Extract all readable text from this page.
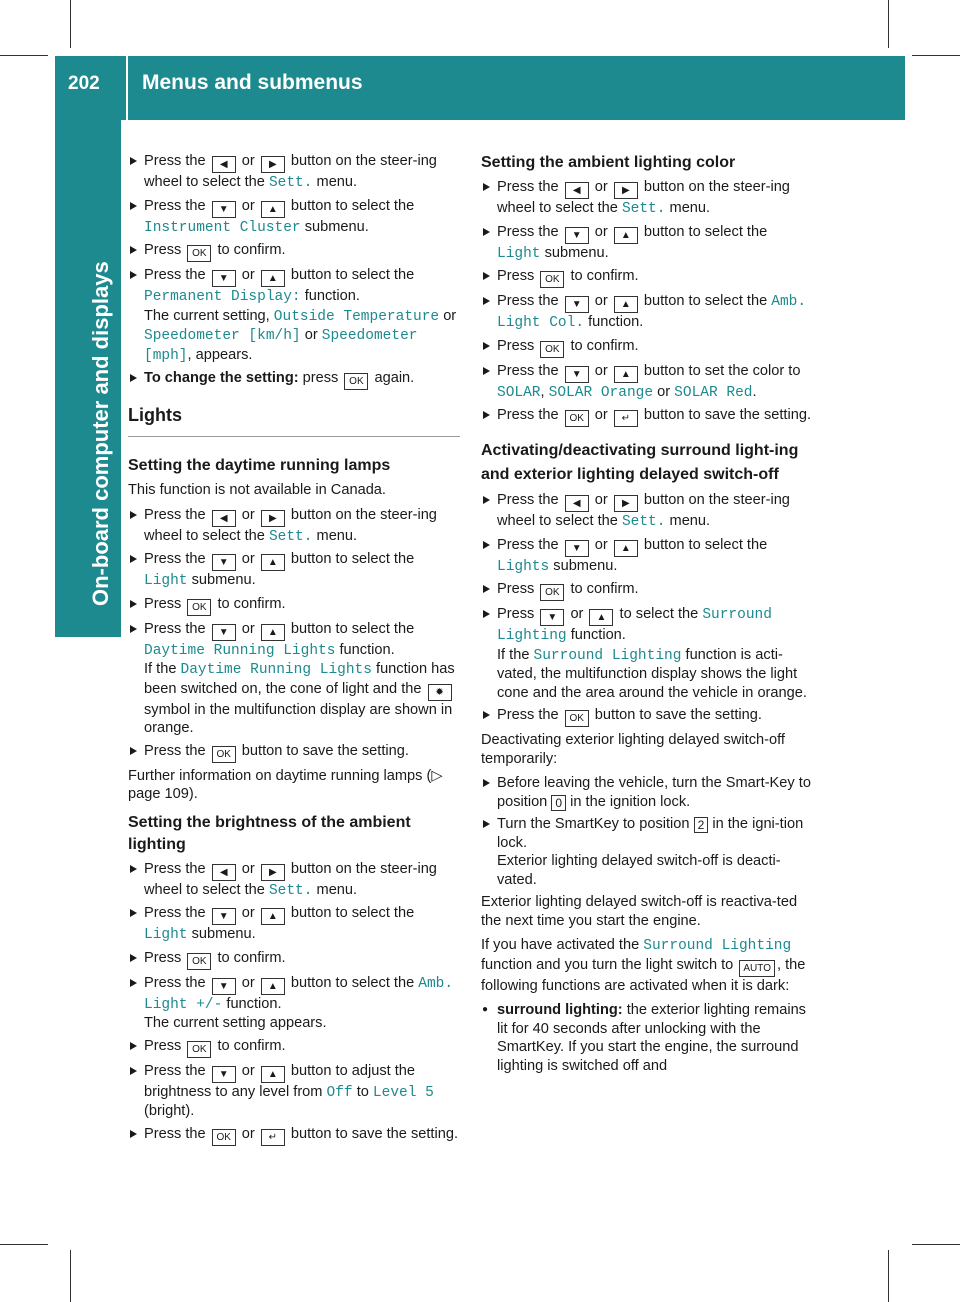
202	Menus and submenus
On-board computer and displays
Press the ◀ or ▶ button on the steer-ing wheel to select the Sett. menu.
Press the ▼ or ▲ button to select the Instrument Cluster submenu.
Press OK to confirm.
Press the ▼ or ▲ button to select the Permanent Display: function.
The current setting, Outside Temperature or Speedometer [km/h] or Speedometer [mph], appears.
To change the setting: press OK again.
Lights
Setting the daytime running lamps
This function is not available in Canada.
Press the ◀ or ▶ button on the steer-ing wheel to select the Sett. menu.
Press the ▼ or ▲ button to select the Light submenu.
Press OK to confirm.
Press the ▼ or ▲ button to select the Daytime Running Lights function.
If the Daytime Running Lights function has been switched on, the cone of light and the ✹ symbol in the multifunction display are shown in orange.
Press the OK button to save the setting.
Further information on daytime running lamps (▷ page 109).
Setting the brightness of the ambient lighting
Press the ◀ or ▶ button on the steer-ing wheel to select the Sett. menu.
Press the ▼ or ▲ button to select the Light submenu.
Press OK to confirm.
Press the ▼ or ▲ button to select the Amb. Light +/- function.
The current setting appears.
Press OK to confirm.
Press the ▼ or ▲ button to adjust the brightness to any level from Off to Level 5 (bright).
Press the OK or ↵ button to save the setting.
Setting the ambient lighting color
Press the ◀ or ▶ button on the steer-ing wheel to select the Sett. menu.
Press the ▼ or ▲ button to select the Light submenu.
Press OK to confirm.
Press the ▼ or ▲ button to select the Amb. Light Col. function.
Press OK to confirm.
Press the ▼ or ▲ button to set the color to SOLAR, SOLAR Orange or SOLAR Red.
Press the OK or ↵ button to save the setting.
Activating/deactivating surround light-ing and exterior lighting delayed switch-off
Press the ◀ or ▶ button on the steer-ing wheel to select the Sett. menu.
Press the ▼ or ▲ button to select the Lights submenu.
Press OK to confirm.
Press ▼ or ▲ to select the Surround Lighting function.
If the Surround Lighting function is acti-vated, the multifunction display shows the light cone and the area around the vehicle in orange.
Press the OK button to save the setting.
Deactivating exterior lighting delayed switch-off temporarily:
Before leaving the vehicle, turn the Smart-Key to position 0 in the ignition lock.
Turn the SmartKey to position 2 in the igni-tion lock.
Exterior lighting delayed switch-off is deacti-vated.
Exterior lighting delayed switch-off is reactiva-ted the next time you start the engine.
If you have activated the Surround Lighting function and you turn the light switch to AUTO , the following functions are activated when it is dark:
● surround lighting: the exterior lighting remains lit for 40 seconds after unlocking with the SmartKey. If you start the engine, the surround lighting is switched off and
